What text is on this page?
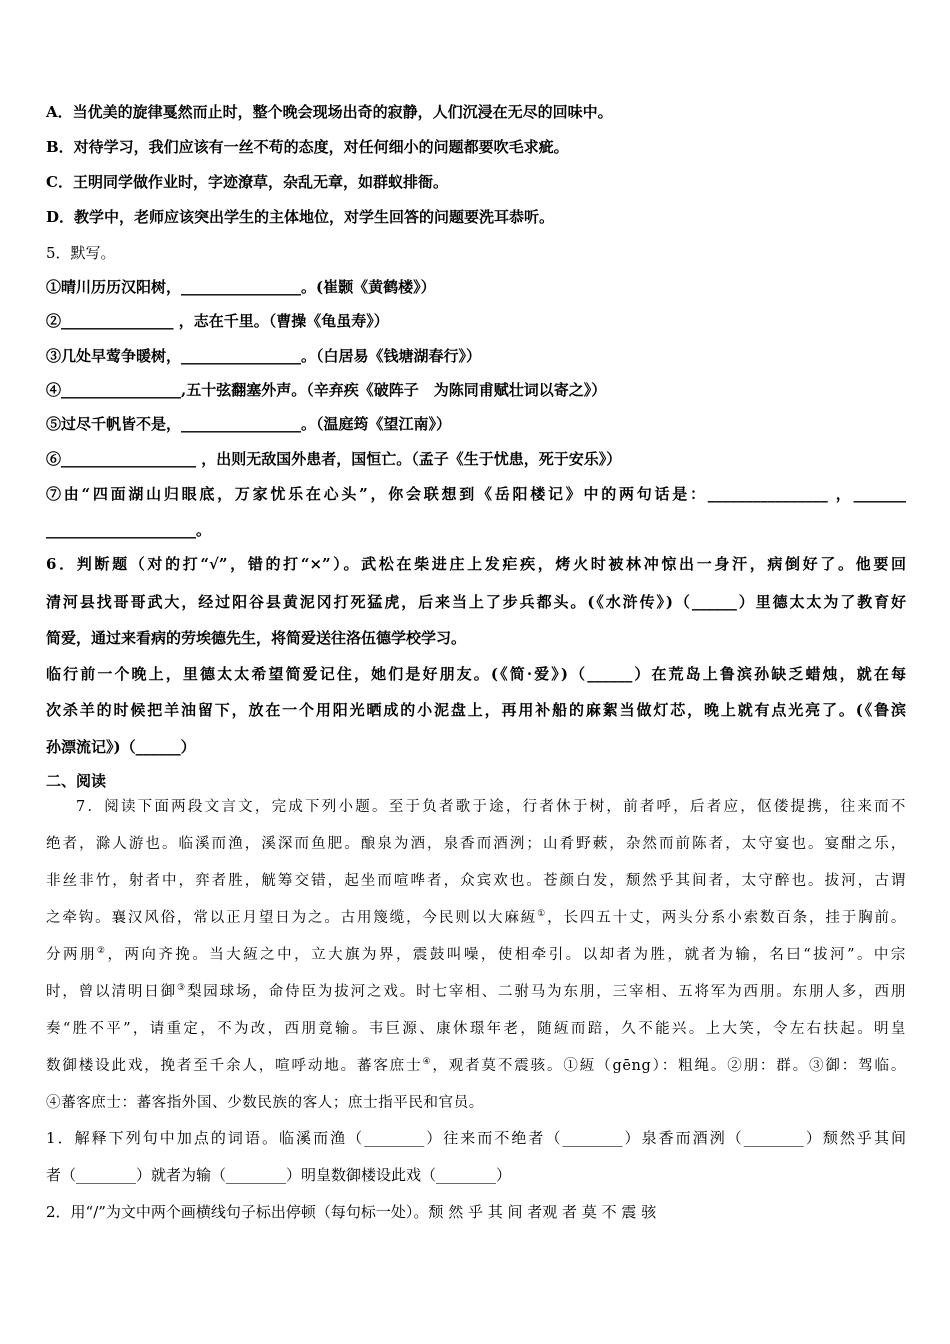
A．当优美的旋律戛然而止时，整个晚会现场出奇的寂静，人们沉浸在无尽的回味中。
B．对待学习，我们应该有一丝不苟的态度，对任何细小的问题都要吹毛求疵。
C．王明同学做作业时，字迹潦草，杂乱无章，如群蚁排衙。
D．教学中，老师应该突出学生的主体地位，对学生回答的问题要洗耳恭听。
5．默写。
①晴川历历汉阳树，________________。(崔颢《黄鹤楼》）
②_______________ ，志在千里。（曹操《龟虽寿》）
③几处早莺争暖树，________________。（白居易《钱塘湖春行》）
④________________,五十弦翻塞外声。（辛弃疾《破阵子　为陈同甫赋壮词以寄之》）
⑤过尽千帆皆不是，________________。（温庭筠《望江南》）
⑥__________________ ，出则无敌国外患者，国恒亡。（孟子《生于忧患，死于安乐》）
⑦由“四面湖山归眼底，万家忧乐在心头”，你会联想到《岳阳楼记》中的两句话是：________________ ，_______
____________________。
6．判断题（对的打“√”，错的打“×”）。武松在柴进庄上发疟疾，烤火时被林冲惊出一身汗，病倒好了。他要回
清河县找哥哥武大，经过阳谷县黄泥冈打死猛虎，后来当上了步兵都头。(《水浒传》)（______）里德太太为了教育好
简爱，通过来看病的劳埃德先生，将简爱送往洛伍德学校学习。
临行前一个晚上，里德太太希望简爱记住，她们是好朋友。(《简·爱》)（______）在荒岛上鲁滨孙缺乏蜡烛，就在每
次杀羊的时候把羊油留下，放在一个用阳光晒成的小泥盘上，再用补船的麻絮当做灯芯，晚上就有点光亮了。(《鲁滨
孙漂流记》)（______）
二、阅读
7．阅读下面两段文言文，完成下列小题。至于负者歌于途，行者休于树，前者呼，后者应，伛偻提携，往来而不
绝者，滁人游也。临溪而渔，溪深而鱼肥。酿泉为酒，泉香而酒洌；山肴野蔌，杂然而前陈者，太守宴也。宴酣之乐，
非丝非竹，射者中，弈者胜，觥筹交错，起坐而喧哗者，众宾欢也。苍颜白发，颓然乎其间者，太守醉也。拔河，古谓
之牵钩。襄汉风俗，常以正月望日为之。古用篾缆，今民则以大麻絚①，长四五十丈，两头分系小索数百条，挂于胸前。
分两朋②，两向齐挽。当大絚之中，立大旗为界，震鼓叫噪，使相牵引。以却者为胜，就者为输，名曰“拔河”。中宗
时，曾以清明日御③梨园球场，命侍臣为拔河之戏。时七宰相、二驸马为东朋，三宰相、五将军为西朋。东朋人多，西朋
奏“胜不平”，请重定，不为改，西朋竟输。韦巨源、康休璟年老，随絚而踣，久不能兴。上大笑，令左右扶起。明皇
数御楼设此戏，挽者至千余人，喧呼动地。蕃客庶士④，观者莫不震骇。①絚（gēng）：粗绳。②朋：群。③御：驾临。
④蕃客庶士：蕃客指外国、少数民族的客人；庶士指平民和官员。
1．解释下列句中加点的词语。临溪而渔（________）往来而不绝者（________）泉香而酒洌（________）颓然乎其间
者（________）就者为输（________）明皇数御楼设此戏（________）
2．用“/”为文中两个画横线句子标出停顿（每句标一处）。颓 然 乎 其 间 者观 者 莫 不 震 骇
